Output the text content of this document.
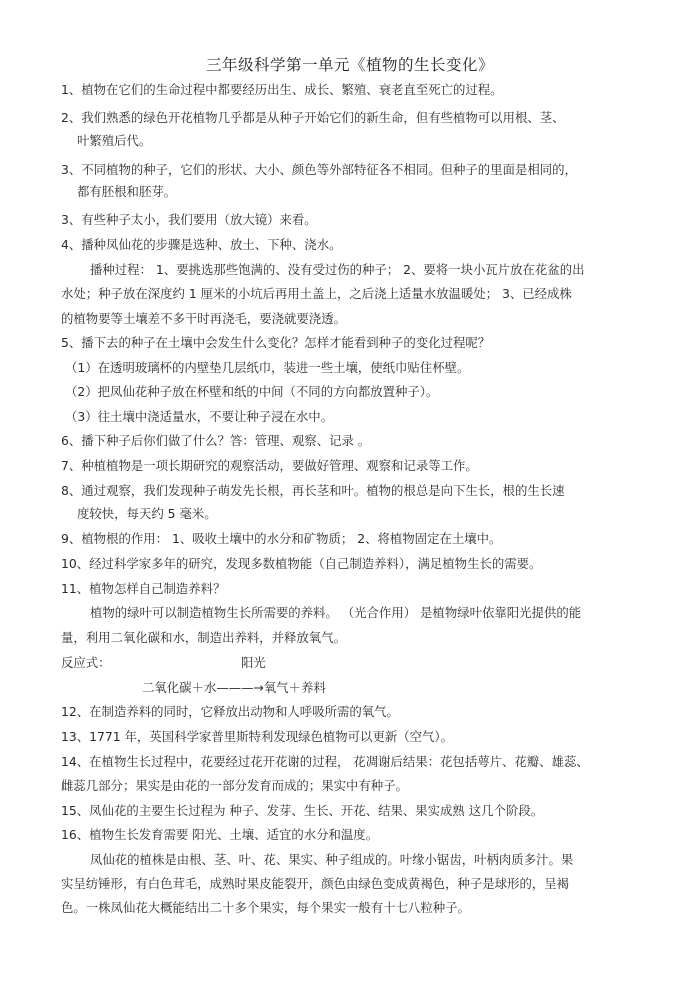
三年级科学第一单元《植物的生长变化》
1、植物在它们的生命过程中都要经历出生、成长、繁殖、衰老直至死亡的过程。
2、我们熟悉的绿色开花植物几乎都是从种子开始它们的新生命，但有些植物可以用根、茎、
叶繁殖后代。
3、不同植物的种子，它们的形状、大小、颜色等外部特征各不相同。但种子的里面是相同的，
都有胚根和胚芽。
3、有些种子太小，我们要用（放大镜）来看。
4、播种凤仙花的步骤是选种、放土、下种、浇水。
播种过程： 1、要挑选那些饱满的、没有受过伤的种子； 2、要将一块小瓦片放在花盆的出
水处；种子放在深度约 1 厘米的小坑后再用土盖上，之后浇上适量水放温暖处； 3、已经成株
的植物要等土壤差不多干时再浇毛，要浇就要浇透。
5、播下去的种子在土壤中会发生什么变化？怎样才能看到种子的变化过程呢？
（1）在透明玻璃杯的内壁垫几层纸巾，装进一些土壤，使纸巾贴住杯壁。
（2）把凤仙花种子放在杯壁和纸的中间（不同的方向都放置种子）。
（3）往土壤中浇适量水，不要让种子浸在水中。
6、播下种子后你们做了什么？答：管理、观察、记录 。
7、种植植物是一项长期研究的观察活动，要做好管理、观察和记录等工作。
8、通过观察，我们发现种子萌发先长根，再长茎和叶。植物的根总是向下生长，根的生长速
度较快，每天约 5 毫米。
9、植物根的作用： 1、吸收土壤中的水分和矿物质； 2、将植物固定在土壤中。
10、经过科学家多年的研究，发现多数植物能（自己制造养料），满足植物生长的需要。
11、植物怎样自己制造养料？
植物的绿叶可以制造植物生长所需要的养料。 （光合作用） 是植物绿叶依靠阳光提供的能
量，利用二氧化碳和水，制造出养料，并释放氧气。
反应式：	阳光
二氧化碳＋水———→氧气＋养料
12、在制造养料的同时，它释放出动物和人呼吸所需的氧气。
13、1771 年，英国科学家普里斯特利发现绿色植物可以更新（空气）。
14、在植物生长过程中，花要经过花开花谢的过程， 花凋谢后结果：花包括萼片、花瓣、雄蕊、
雌蕊几部分；果实是由花的一部分发育而成的；果实中有种子。
15、凤仙花的主要生长过程为 种子、发芽、生长、开花、结果、果实成熟 这几个阶段。
16、植物生长发育需要 阳光、土壤、适宜的水分和温度。
凤仙花的植株是由根、茎、叶、花、果实、种子组成的。叶缘小锯齿，叶柄肉质多汁。果
实呈纺锤形，有白色茸毛，成熟时果皮能裂开，颜色由绿色变成黄褐色，种子是球形的，呈褐
色。一株凤仙花大概能结出二十多个果实，每个果实一般有十七八粒种子。
